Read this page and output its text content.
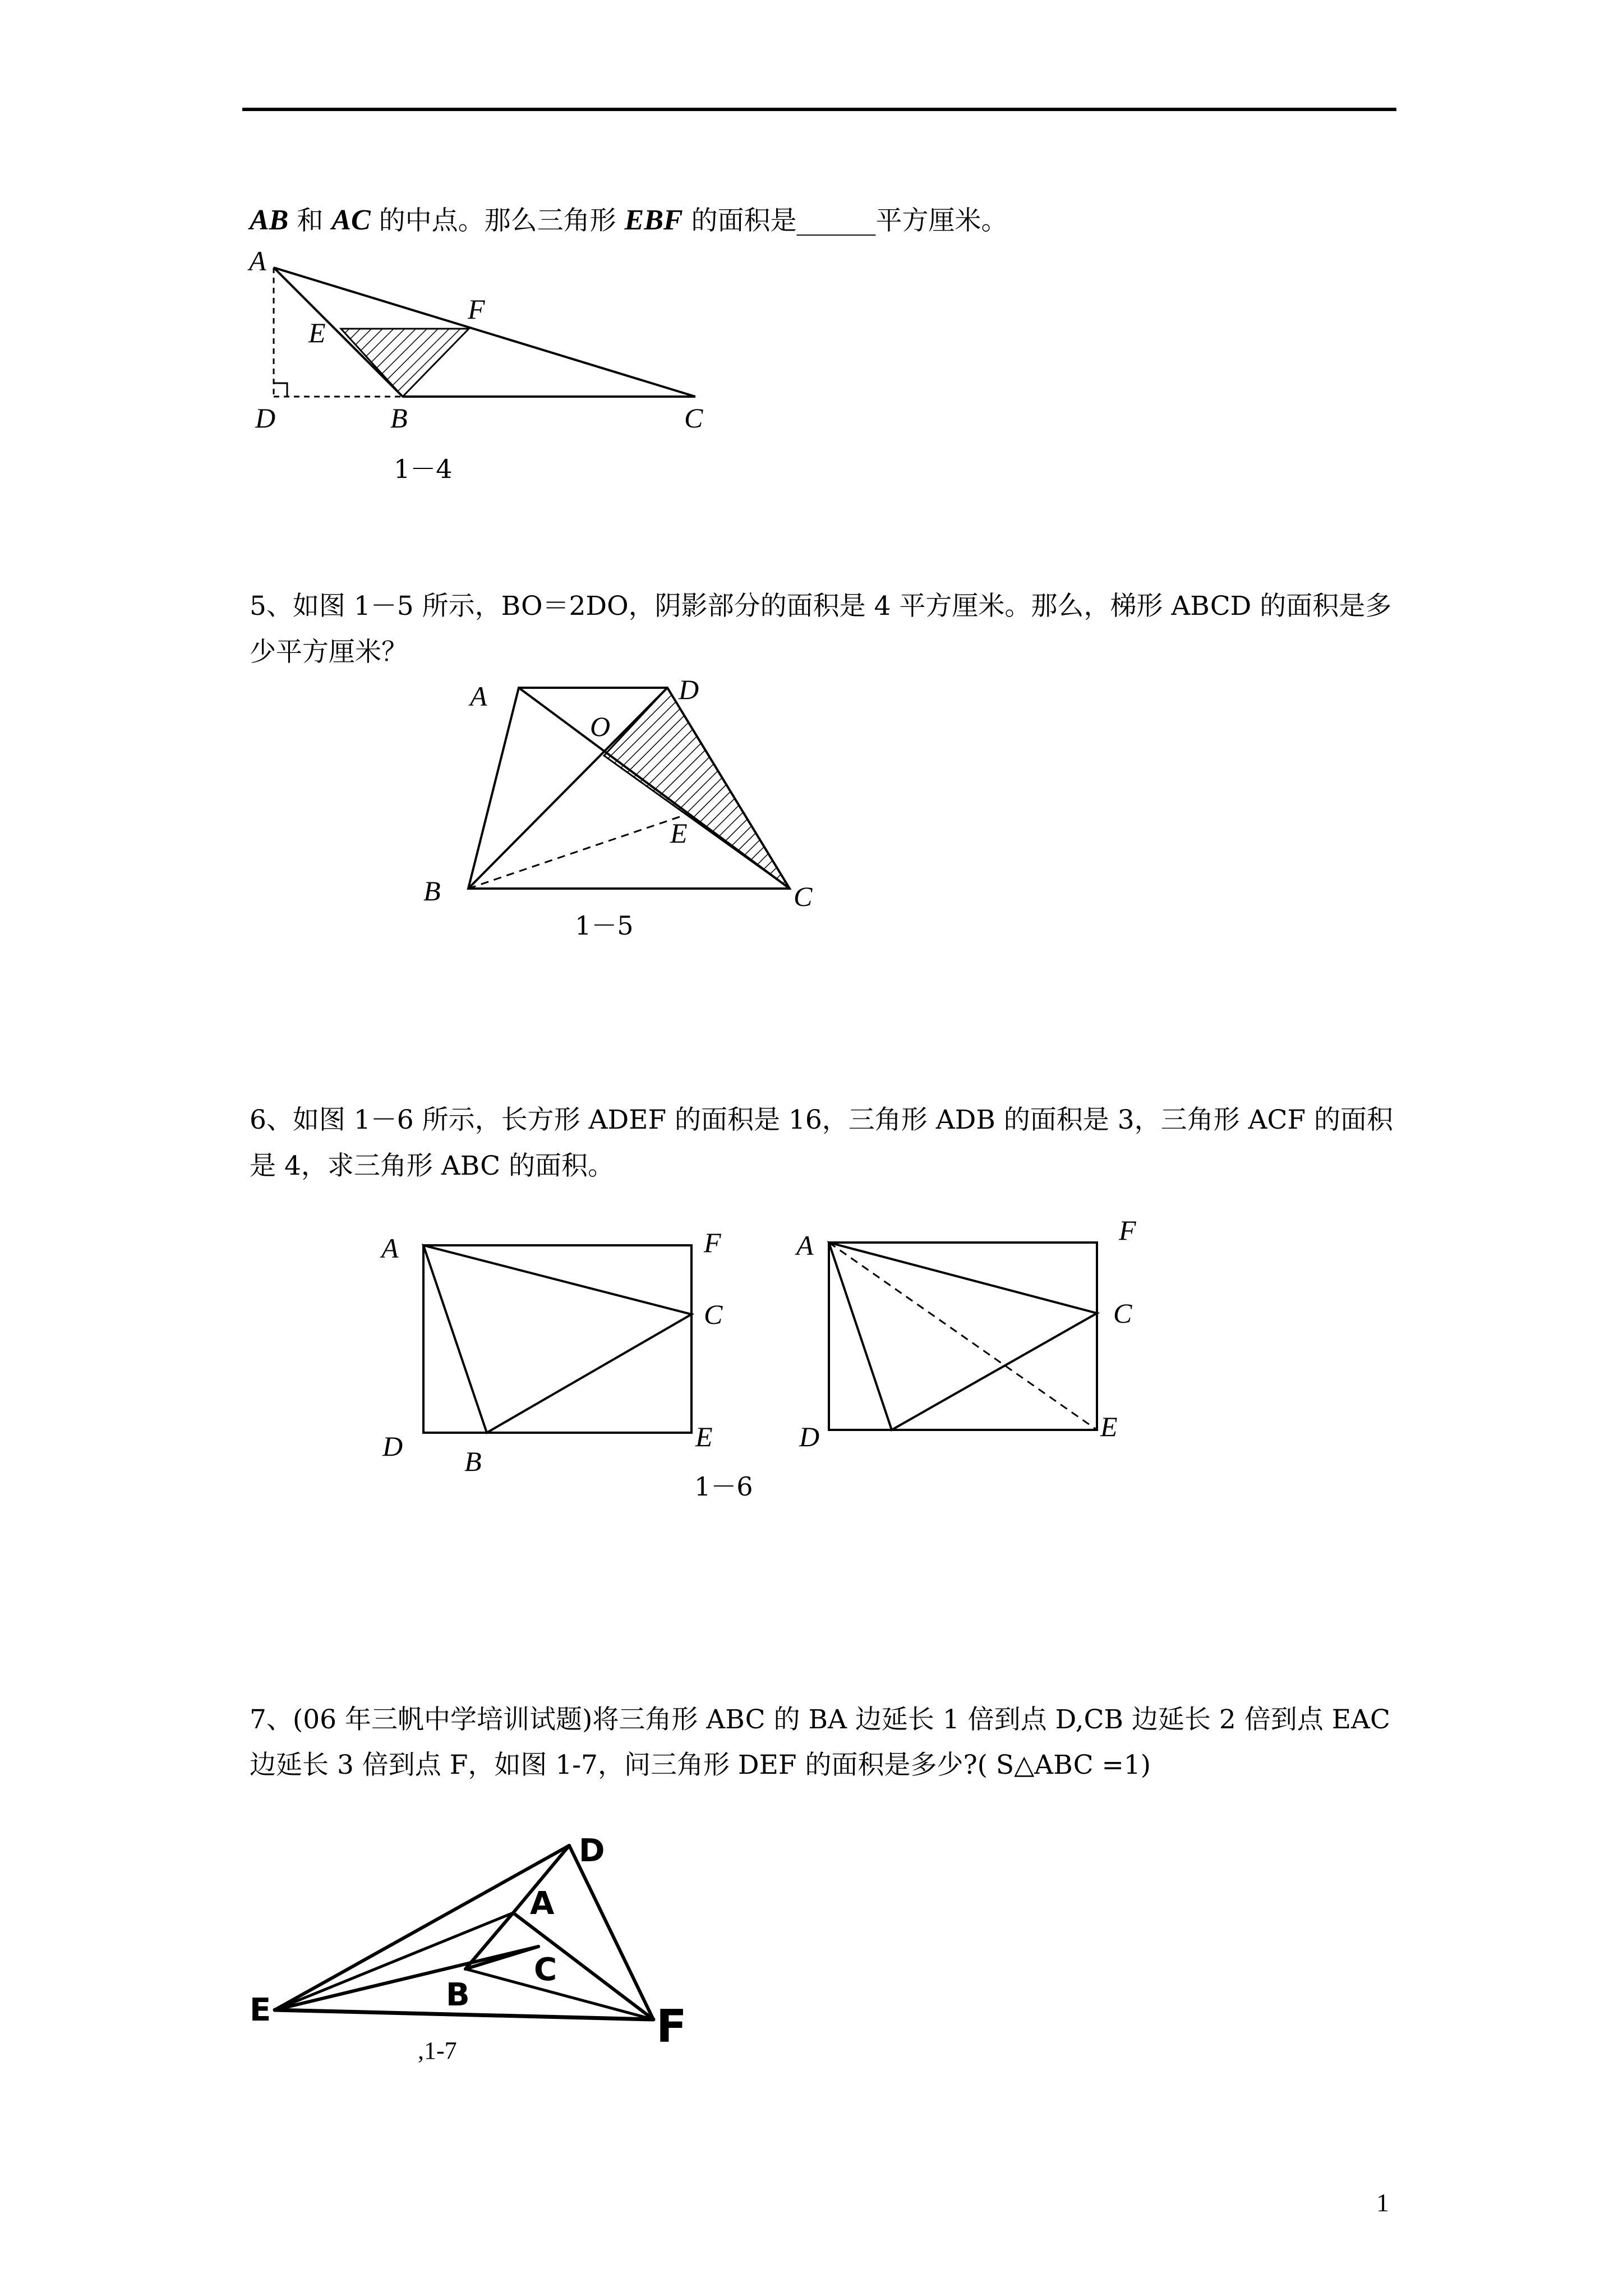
AB 和 AC 的中点。那么三角形 EBF 的面积是______平方厘米。
A
E
F
D	B	C
A	D
O
E
B	C
A	F
C
D B
E
A	F
C
D	E
D
A
C
B
E	F
1－4
5、如图 1－5 所示，BO＝2DO，阴影部分的面积是 4 平方厘米。那么，梯形 ABCD 的面积是多
少平方厘米？
1－5
6、如图 1－6 所示，长方形 ADEF 的面积是 16，三角形 ADB 的面积是 3，三角形 ACF 的面积
是 4，求三角形 ABC 的面积。
1－6
7、(06 年三帆中学培训试题)将三角形 ABC 的 BA 边延长 1 倍到点 D,CB 边延长 2 倍到点 EAC
边延长 3 倍到点 F，如图 1-7，问三角形 DEF 的面积是多少?( S△ABC =1)
,1-7
1
